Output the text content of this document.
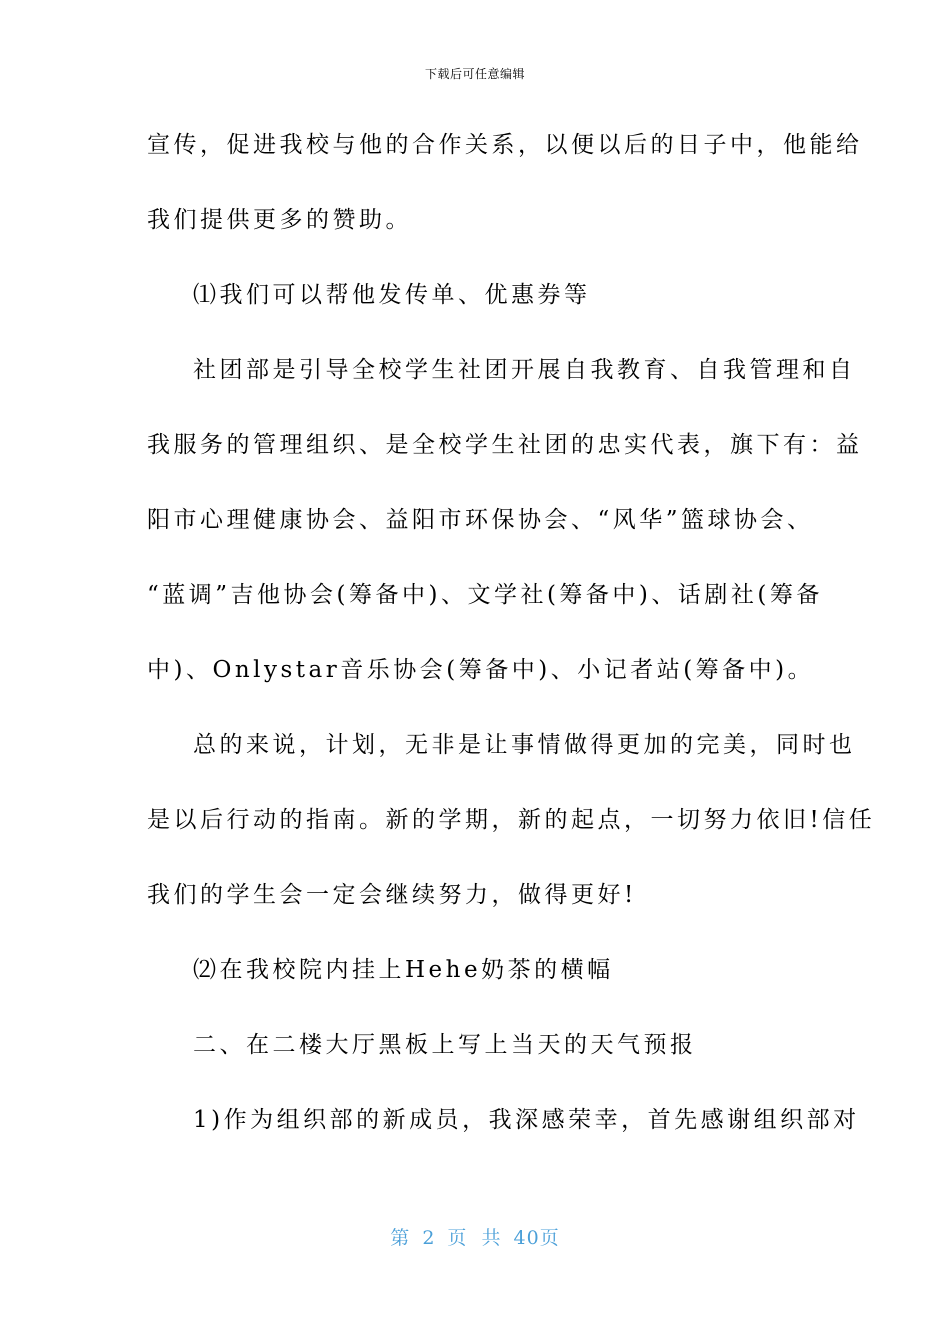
下载后可任意编辑
宣传，促进我校与他的合作关系，以便以后的日子中，他能给
我们提供更多的赞助。
⑴我们可以帮他发传单、优惠券等
社团部是引导全校学生社团开展自我教育、自我管理和自
我服务的管理组织、是全校学生社团的忠实代表，旗下有：益
阳市心理健康协会、益阳市环保协会、“风华”篮球协会、
“蓝调”吉他协会(筹备中)、文学社(筹备中)、话剧社(筹备
中)、Onlystar音乐协会(筹备中)、小记者站(筹备中)。
总的来说，计划，无非是让事情做得更加的完美，同时也
是以后行动的指南。新的学期，新的起点，一切努力依旧!信任
我们的学生会一定会继续努力，做得更好!
⑵在我校院内挂上Hehe奶茶的横幅
二、在二楼大厅黑板上写上当天的天气预报
1)作为组织部的新成员，我深感荣幸，首先感谢组织部对
第 2 页  共 40页
